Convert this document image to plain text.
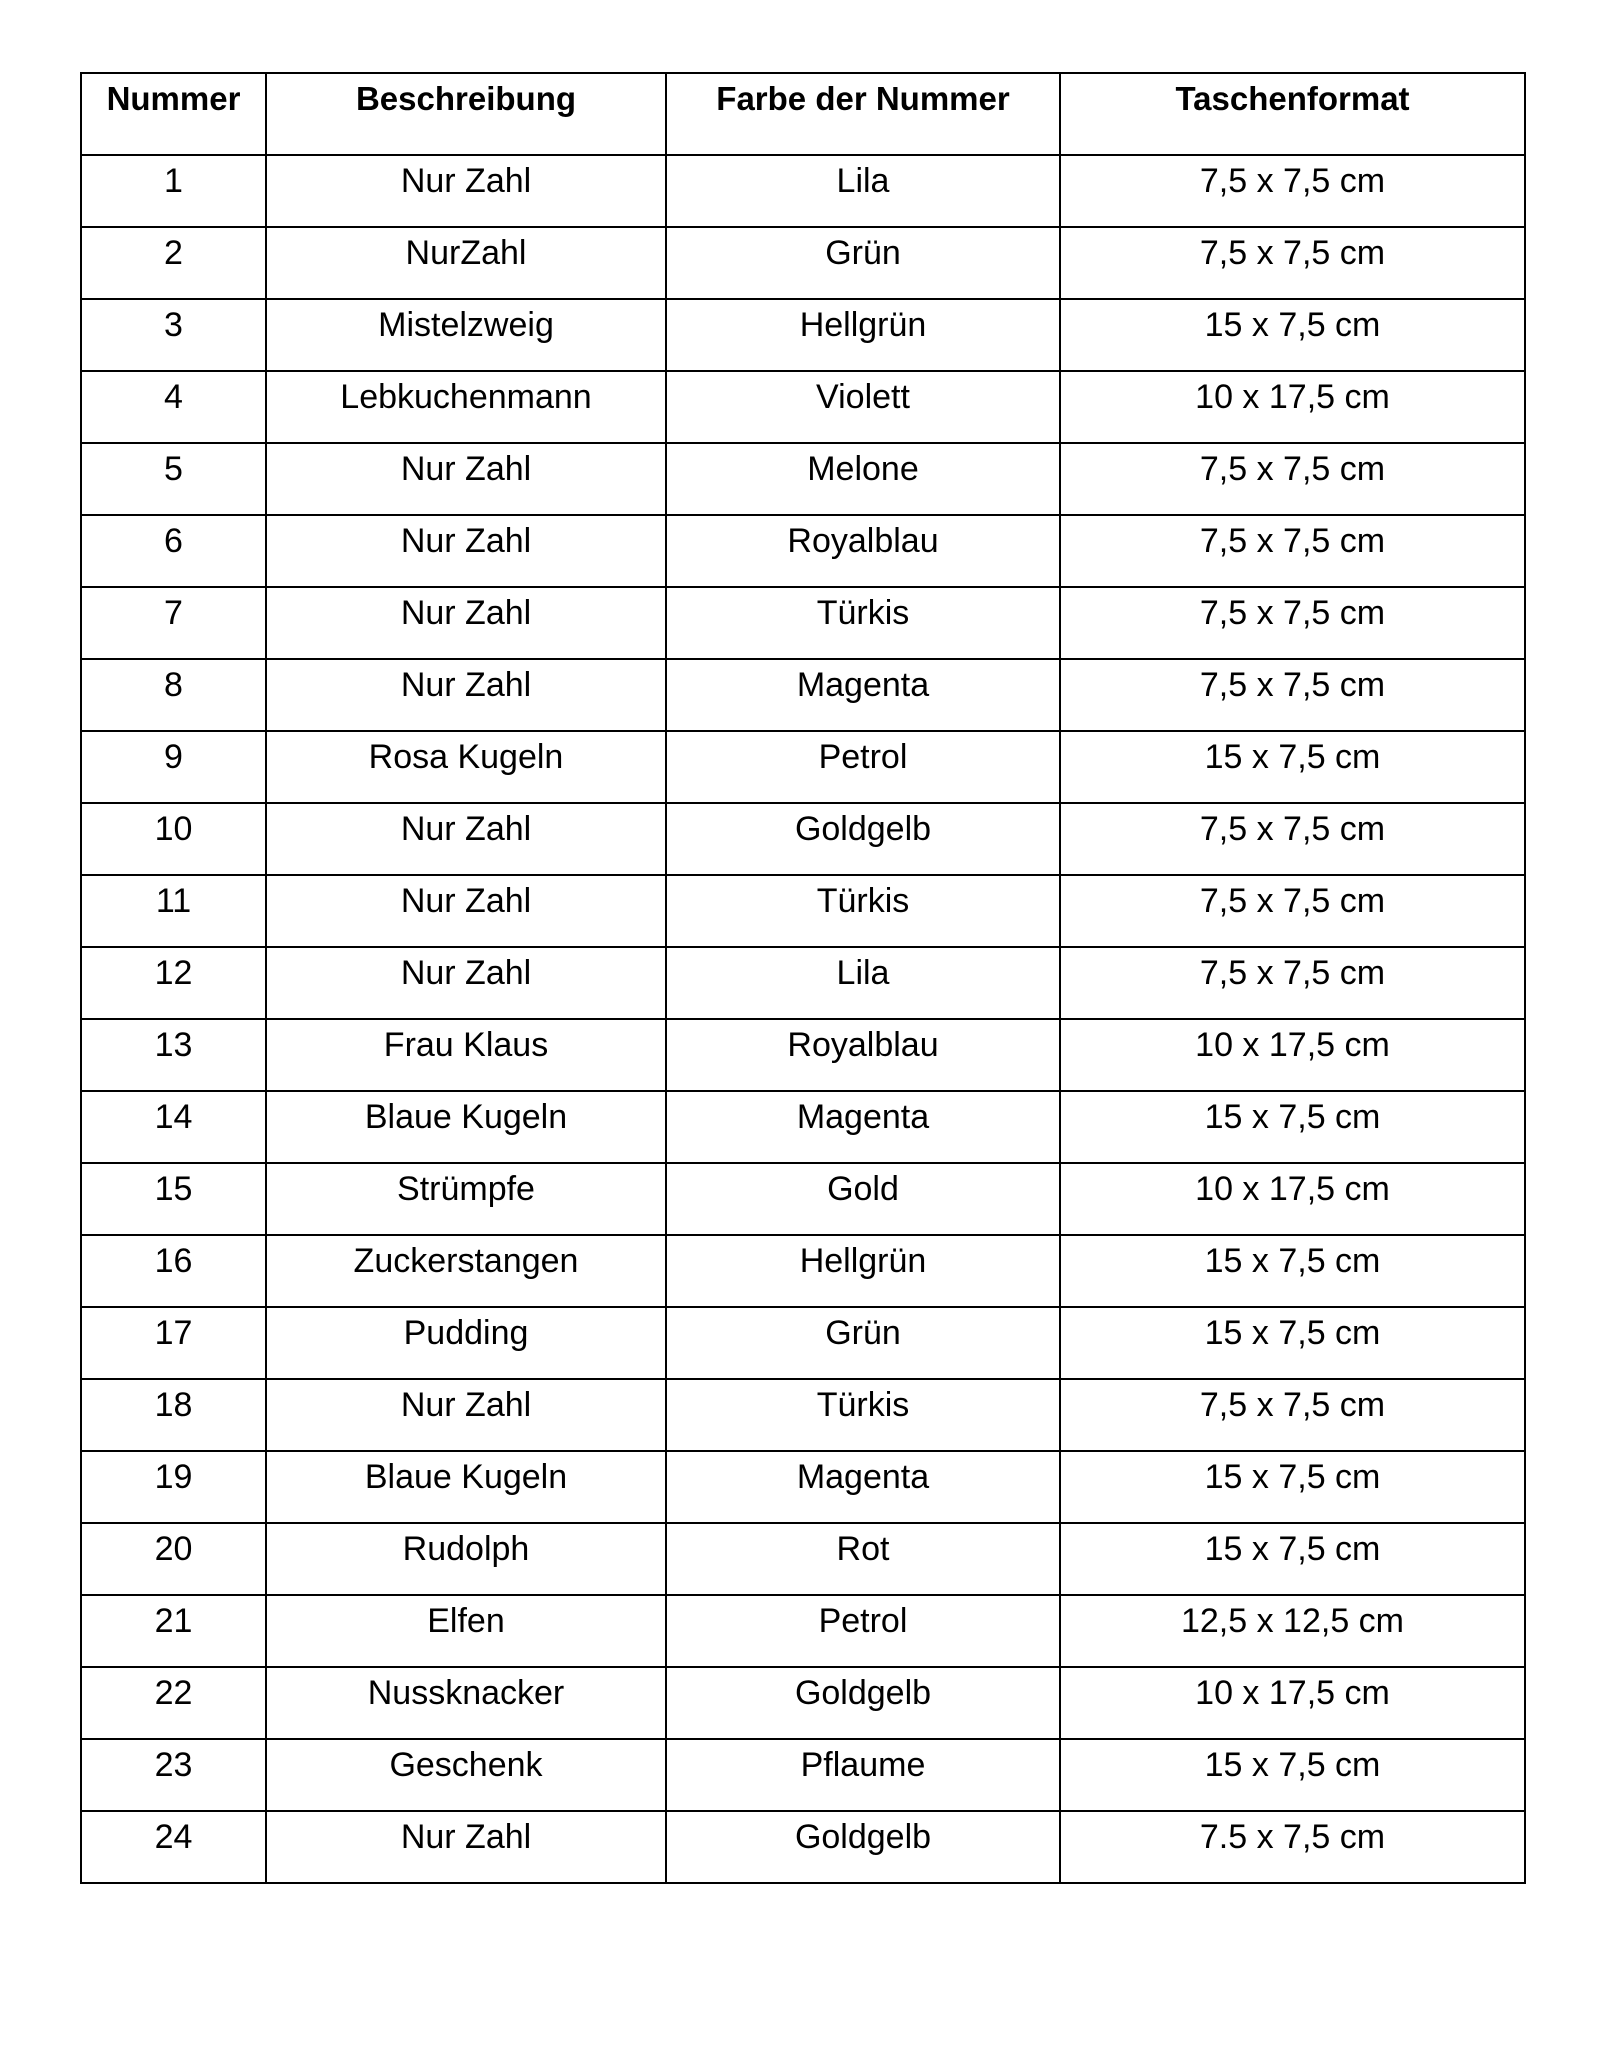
Nummer	Beschreibung	Farbe der Nummer	Taschenformat
1	Nur Zahl	Lila	7,5 x 7,5 cm
2	NurZahl	Grün	7,5 x 7,5 cm
3	Mistelzweig	Hellgrün	15 x 7,5 cm
4	Lebkuchenmann	Violett	10 x 17,5 cm
5	Nur Zahl	Melone	7,5 x 7,5 cm
6	Nur Zahl	Royalblau	7,5 x 7,5 cm
7	Nur Zahl	Türkis	7,5 x 7,5 cm
8	Nur Zahl	Magenta	7,5 x 7,5 cm
9	Rosa Kugeln	Petrol	15 x 7,5 cm
10	Nur Zahl	Goldgelb	7,5 x 7,5 cm
11	Nur Zahl	Türkis	7,5 x 7,5 cm
12	Nur Zahl	Lila	7,5 x 7,5 cm
13	Frau Klaus	Royalblau	10 x 17,5 cm
14	Blaue Kugeln	Magenta	15 x 7,5 cm
15	Strümpfe	Gold	10 x 17,5 cm
16	Zuckerstangen	Hellgrün	15 x 7,5 cm
17	Pudding	Grün	15 x 7,5 cm
18	Nur Zahl	Türkis	7,5 x 7,5 cm
19	Blaue Kugeln	Magenta	15 x 7,5 cm
20	Rudolph	Rot	15 x 7,5 cm
21	Elfen	Petrol	12,5 x 12,5 cm
22	Nussknacker	Goldgelb	10 x 17,5 cm
23	Geschenk	Pflaume	15 x 7,5 cm
24	Nur Zahl	Goldgelb	7.5 x 7,5 cm
